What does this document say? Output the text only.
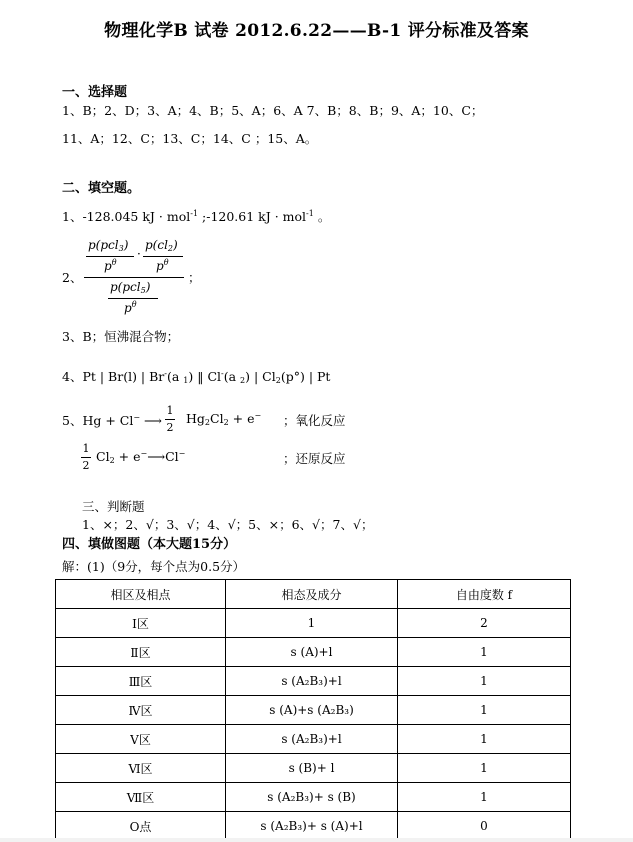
物理化学B 试卷 2012.6.22——B-1 评分标准及答案
一、选择题
1、B；2、D；3、A；4、B；5、A；6、A 7、B；8、B；9、A；10、C；
11、A；12、C；13、C；14、C ；15、A。
二、填空题。
1、-128.045 kJ · mol$^{-1}$ ;-120.61 kJ · mol$^{-1}$ 。
2、
p(pcl$_3$)
$p^\theta$
·
$p(cl_2)$
$p^\theta$
p(pcl$_5$)
$p^\theta$
；
3、B；恒沸混合物；
4、Pt | Br(l) | Br-(a $_1$) ‖ Cl-(a $_2$) | $Cl_2(p^\circ)$ | Pt
5、Hg + Cl− ⟶
1
2
$Hg_2Cl_2 + e^-$ ；氧化反应
1
2
$Cl_2$ + e−⟶Cl−	；还原反应
三、判断题
1、×；2、√；3、√；4、√；5、×；6、√；7、√；
四、填做图题（本大题15分）
解：(1)（9分，每个点为0.5分）
相区及相点	相态及成分	自由度数 f
Ⅰ区	1	2
Ⅱ区	s (A)+l	1
Ⅲ区	s (A₂B₃)+l	1
Ⅳ区	s (A)+s (A₂B₃)	1
Ⅴ区	s (A₂B₃)+l	1
Ⅵ区	s (B)+ l	1
Ⅶ区	s (A₂B₃)+ s (B)	1
O点	s (A₂B₃)+ s (A)+l	0
